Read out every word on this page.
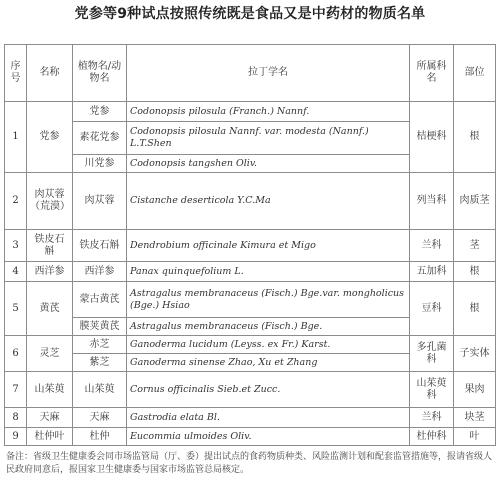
党参等9种试点按照传统既是食品又是中药材的物质名单
序号	名称	植物名/动物名	拉丁学名	所属科名	部位
1	党参	党参	Codonopsis pilosula (Franch.) Nannf.	桔梗科	根
		素花党参	Codonopsis pilosula Nannf. var. modesta (Nannf.) L.T.Shen		
		川党参	Codonopsis tangshen Oliv.		
2	肉苁蓉（荒漠）	肉苁蓉	Cistanche deserticola Y.C.Ma	列当科	肉质茎
3	铁皮石斛	铁皮石斛	Dendrobium officinale Kimura et Migo	兰科	茎
4	西洋参	西洋参	Panax quinquefolium L.	五加科	根
5	黄芪	蒙古黄芪	Astragalus membranaceus (Fisch.) Bge.var. mongholicus (Bge.) Hsiao	豆科	根
		膜荚黄芪	Astragalus membranaceus (Fisch.) Bge.		
6	灵芝	赤芝	Ganoderma lucidum (Leyss. ex Fr.) Karst.	多孔菌科	子实体
		紫芝	Ganoderma sinense Zhao, Xu et Zhang		
7	山茱萸	山茱萸	Cornus officinalis Sieb.et Zucc.	山茱萸科	果肉
8	天麻	天麻	Gastrodia elata Bl.	兰科	块茎
9	杜仲叶	杜仲	Eucommia ulmoides Oliv.	杜仲科	叶
备注：省级卫生健康委会同市场监管局（厅、委）提出试点的食药物质种类、风险监测计划和配套监管措施等，报请省级人民政府同意后，报国家卫生健康委与国家市场监管总局核定。
